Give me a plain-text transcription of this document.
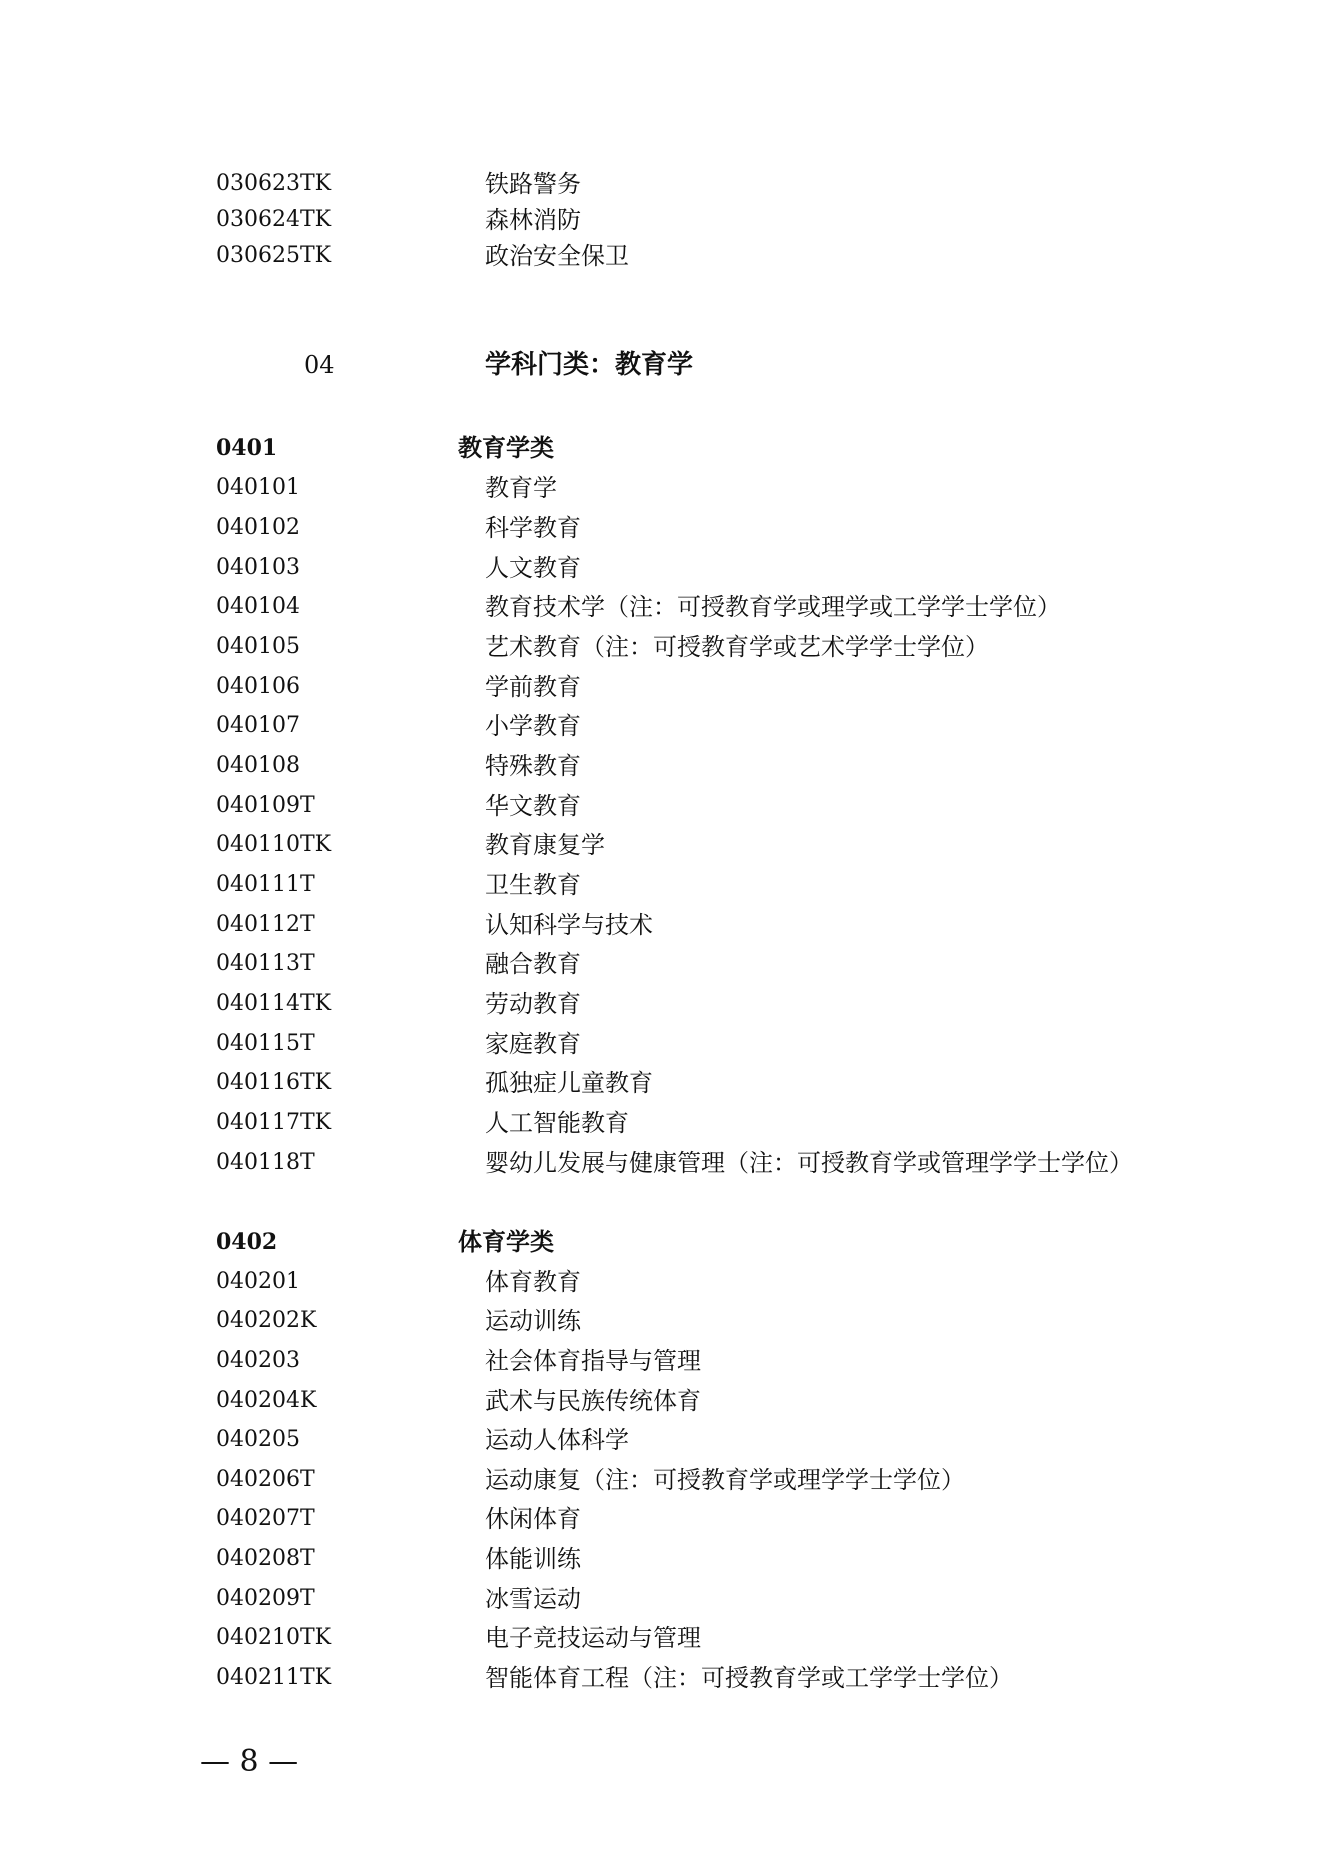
030623TK	铁路警务
030624TK	森林消防
030625TK	政治安全保卫
04	学科门类：教育学
0401	教育学类
040101	教育学
040102	科学教育
040103	人文教育
040104	教育技术学（注：可授教育学或理学或工学学士学位）
040105	艺术教育（注：可授教育学或艺术学学士学位）
040106	学前教育
040107	小学教育
040108	特殊教育
040109T	华文教育
040110TK	教育康复学
040111T	卫生教育
040112T	认知科学与技术
040113T	融合教育
040114TK	劳动教育
040115T	家庭教育
040116TK	孤独症儿童教育
040117TK	人工智能教育
040118T	婴幼儿发展与健康管理（注：可授教育学或管理学学士学位）
0402	体育学类
040201	体育教育
040202K	运动训练
040203	社会体育指导与管理
040204K	武术与民族传统体育
040205	运动人体科学
040206T	运动康复（注：可授教育学或理学学士学位）
040207T	休闲体育
040208T	体能训练
040209T	冰雪运动
040210TK	电子竞技运动与管理
040211TK	智能体育工程（注：可授教育学或工学学士学位）
— 8 —
